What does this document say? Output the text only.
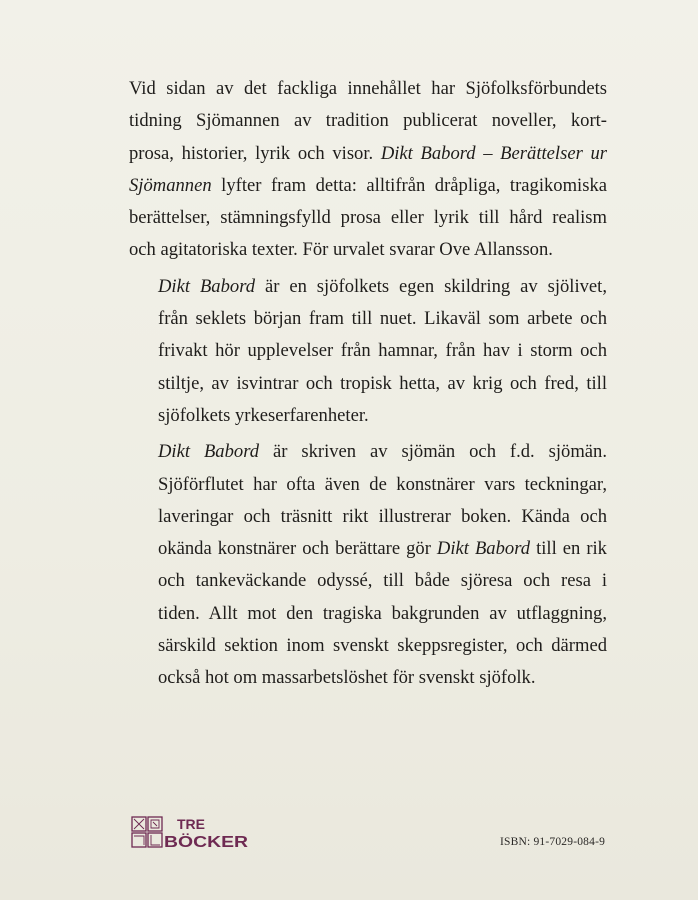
Vid sidan av det fackliga innehållet har Sjöfolksförbundets
tidning Sjömannen av tradition publicerat noveller, kort-
prosa, historier, lyrik och visor. Dikt Babord – Berättelser ur
Sjömannen lyfter fram detta: alltifrån dråpliga, tragikomiska
berättelser, stämningsfylld prosa eller lyrik till hård realism
och agitatoriska texter. För urvalet svarar Ove Allansson.

Dikt Babord är en sjöfolkets egen skildring av sjölivet,
från seklets början fram till nuet. Likaväl som arbete och
frivakt hör upplevelser från hamnar, från hav i storm och
stiltje, av isvintrar och tropisk hetta, av krig och fred, till
sjöfolkets yrkeserfarenheter.

Dikt Babord är skriven av sjömän och f.d. sjömän.
Sjöförflutet har ofta även de konstnärer vars teckningar,
laveringar och träsnitt rikt illustrerar boken. Kända och
okända konstnärer och berättare gör Dikt Babord till en rik
och tankeväckande odyssé, till både sjöresa och resa i
tiden. Allt mot den tragiska bakgrunden av utflaggning,
särskild sektion inom svenskt skeppsregister, och därmed
också hot om massarbetslöshet för svenskt sjöfolk.

TRE
BÖCKER	ISBN: 91-7029-084-9
